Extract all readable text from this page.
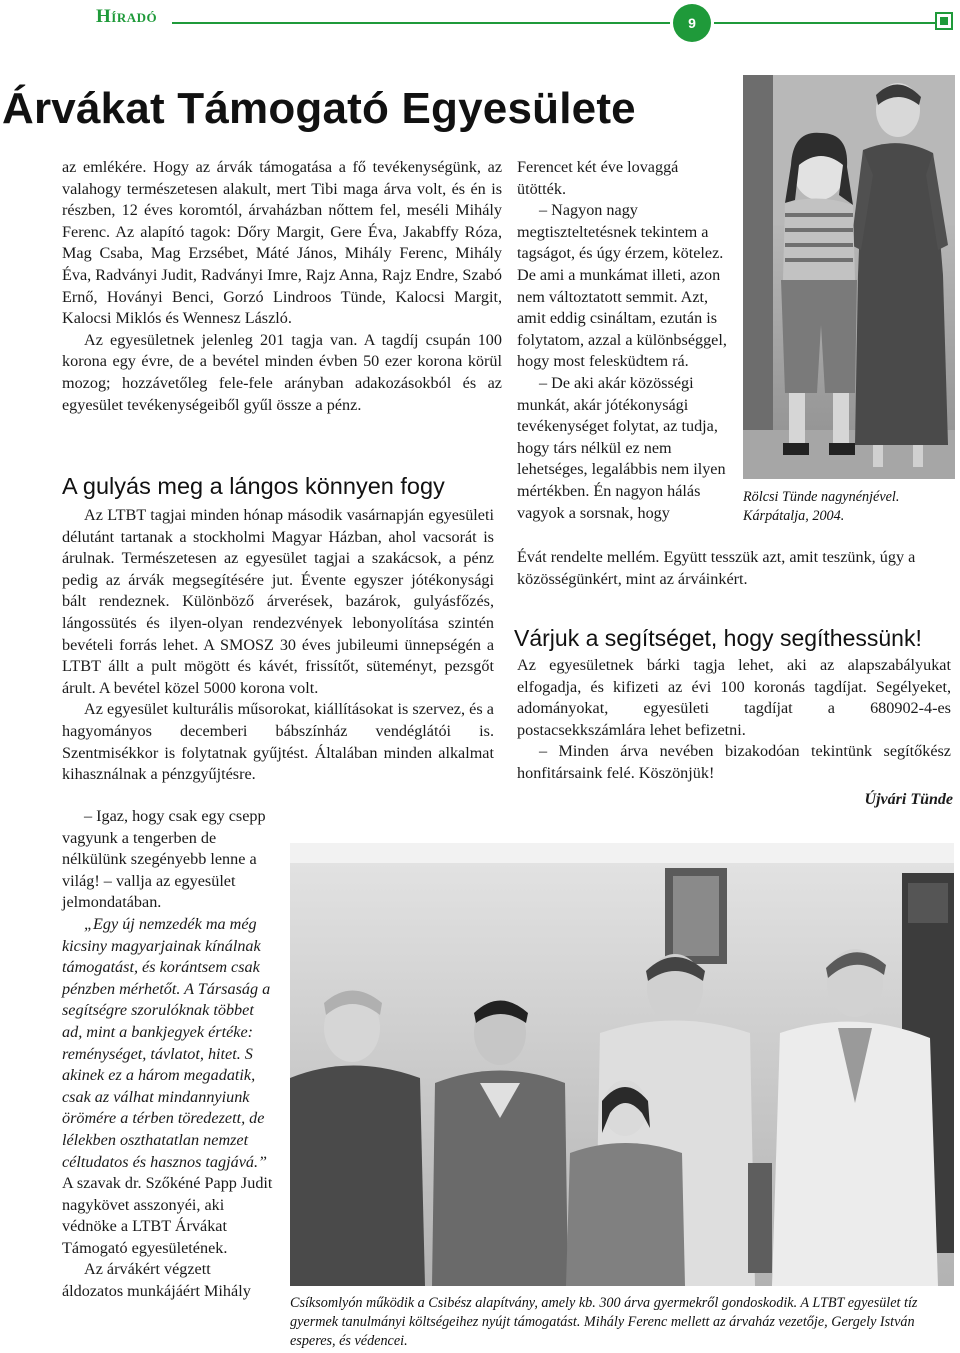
Híradó	9
Árvákat Támogató Egyesülete

az emlékére. Hogy az árvák támogatása a fő tevékenységünk, az valahogy természetesen alakult, mert Tibi maga árva volt, és én is részben, 12 éves koromtól, árvaházban nőttem fel, meséli Mihály Ferenc. Az alapító tagok: Dőry Margit, Gere Éva, Jakabffy Róza, Mag Csaba, Mag Erzsébet, Máté János, Mihály Ferenc, Mihály Éva, Radványi Judit, Radványi Imre, Rajz Anna, Rajz Endre, Szabó Ernő, Hoványi Benci, Gorzó Lindroos Tünde, Kalocsi Margit, Kalocsi Miklós és Wennesz László.

Az egyesületnek jelenleg 201 tagja van. A tagdíj csupán 100 korona egy évre, de a bevétel minden évben 50 ezer korona körül mozog; hozzávetőleg fele-fele arányban adakozásokból és az egyesület tevékenységeiből gyűl össze a pénz.

A gulyás meg a lángos könnyen fogy

Az LTBT tagjai minden hónap második vasárnapján egyesületi délutánt tartanak a stockholmi Magyar Házban, ahol vacsorát is árulnak. Természetesen az egyesület tagjai a szakácsok, a pénz pedig az árvák megsegítésére jut. Évente egyszer jótékonysági bált rendeznek. Különböző árverések, bazárok, gulyásfőzés, lángossütés és ilyen-olyan rendezvények lebonyolítása szintén bevételi forrás lehet. A SMOSZ 30 éves jubileumi ünnepségén a LTBT állt a pult mögött és kávét, frissítőt, süteményt, pezsgőt árult. A bevétel közel 5000 korona volt.

Az egyesület kulturális műsorokat, kiállításokat is szervez, és a hagyományos decemberi bábszínház vendéglátói is. Szentmisékkor is folytatnak gyűjtést. Általában minden alkalmat kihasználnak a pénzgyűjtésre.

– Igaz, hogy csak egy csepp vagyunk a tengerben de nélkülünk szegényebb lenne a világ! – vallja az egyesület jelmondatában.

„Egy új nemzedék ma még kicsiny magyarjainak kínálnak támogatást, és korántsem csak pénzben mérhetőt. A Társaság a segítségre szorulóknak többet ad, mint a bankjegyek értéke: reménységet, távlatot, hitet. S akinek ez a három megadatik, csak az válhat mindannyiunk örömére a térben töredezett, de lélekben oszthatatlan nemzet céltudatos és hasznos tagjává.”

A szavak dr. Szőkéné Papp Judit nagykövet asszonyéi, aki védnöke a LTBT Árvákat Támogató egyesületének.

Az árvákért végzett áldozatos munkájáért Mihály

Ferencet két éve lovaggá ütötték.

– Nagyon nagy megtiszteltetésnek tekintem a tagságot, és úgy érzem, kötelez. De ami a munkámat illeti, azon nem változtatott semmit. Azt, amit eddig csináltam, ezután is folytatom, azzal a különbséggel, hogy most felesküdtem rá.

– De aki akár közösségi munkát, akár jótékonysági tevékenységet folytat, az tudja, hogy társ nélkül ez nem lehetséges, legalábbis nem ilyen mértékben. Én nagyon hálás vagyok a sorsnak, hogy

Évát rendelte mellém. Együtt tesszük azt, amit teszünk, úgy a közösségünkért, mint az árváinkért.

Várjuk a segítséget, hogy segíthessünk!

Az egyesületnek bárki tagja lehet, aki az alapszabályukat elfogadja, és kifizeti az évi 100 koronás tagdíjat. Segélyeket, adományokat, egyesületi tagdíjat a 680902-4-es postacsekkszámlára lehet befizetni.

– Minden árva nevében bizakodóan tekintünk segítőkész honfitársaink felé. Köszönjük!

Újvári Tünde
Rölcsi Tünde nagynénjével.
Kárpátalja, 2004.
Csíksomlyón működik a Csibész alapítvány, amely kb. 300 árva gyermekről gondoskodik. A LTBT egyesület tíz gyermek tanulmányi költségeihez nyújt támogatást. Mihály Ferenc mellett az árvaház vezetője, Gergely István esperes, és védencei.
